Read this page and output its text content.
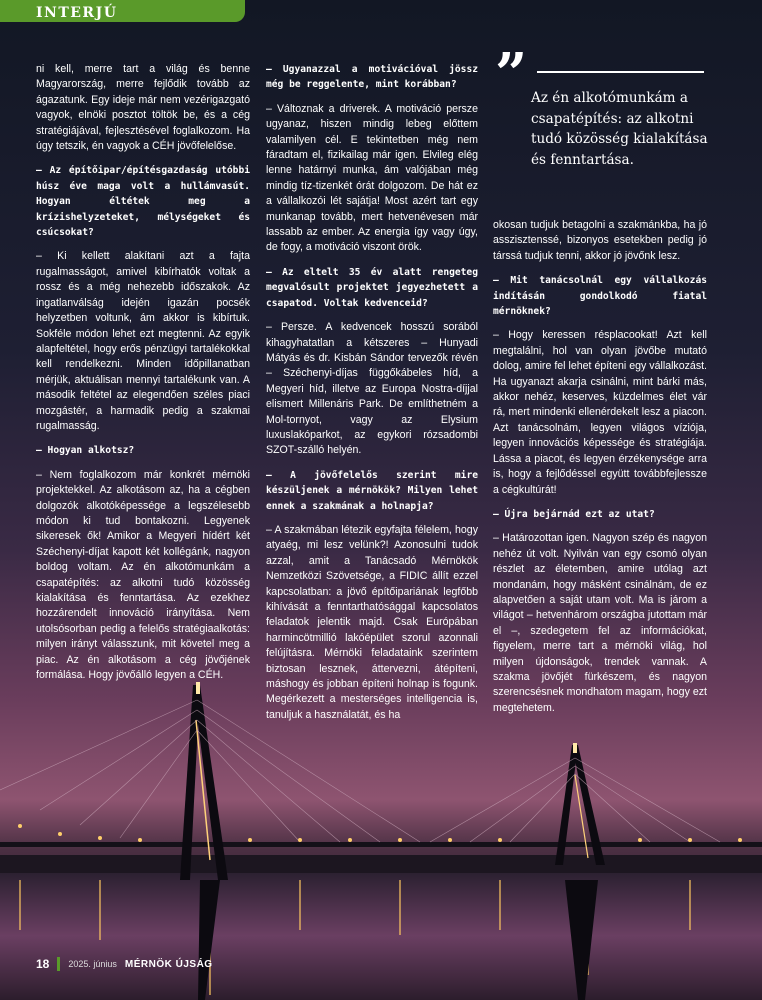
INTERJÚ

ni kell, merre tart a világ és benne Magyarország, merre fejlődik tovább az ágazatunk. Egy ideje már nem vezérigazgató vagyok, elnöki posztot töltök be, és a cég stratégiájával, fejlesztésével foglalkozom. Ha úgy tetszik, én vagyok a CÉH jövőfelelőse.

– Az építőipar/építésgazdaság utóbbi húsz éve maga volt a hullámvasút. Hogyan éltétek meg a krízishelyzeteket, mélységeket és csúcsokat?

– Ki kellett alakítani azt a fajta rugalmasságot, amivel kibírhatók voltak a rossz és a még nehezebb időszakok. Az ingatlanválság idején igazán pocsék helyzetben voltunk, ám akkor is kibírtuk. Sokféle módon lehet ezt megtenni. Az egyik alapfeltétel, hogy erős pénzügyi tartalékokkal kell rendelkezni. Minden időpillanatban mérjük, aktuálisan mennyi tartalékunk van. A második feltétel az elegendően széles piaci mozgástér, a harmadik pedig a szakmai rugalmasság.

– Hogyan alkotsz?

– Nem foglalkozom már konkrét mérnöki projektekkel. Az alkotásom az, ha a cégben dolgozók alkotóképessége a legszélesebb módon ki tud bontakozni. Legyenek sikeresek ők! Amikor a Megyeri hídért két Széchenyi-díjat kapott két kollégánk, nagyon boldog voltam. Az én alkotómunkám a csapatépítés: az alkotni tudó közösség kialakítása és fenntartása. Az ezekhez hozzárendelt innováció irányítása. Nem utolsósorban pedig a felelős stratégiaalkotás: milyen irányt válasszunk, mit követel meg a piac. Az én alkotásom a cég jövőjének formálása. Hogy jövőálló legyen a CÉH.

– Ugyanazzal a motivációval jössz még be reggelente, mint korábban?

– Változnak a driverek. A motiváció persze ugyanaz, hiszen mindig lebeg előttem valamilyen cél. E tekintetben még nem fáradtam el, fizikailag már igen. Elvileg elég lenne határnyi munka, ám valójában még mindig tíz-tizenkét órát dolgozom. De hát ez a vállalkozói lét sajátja! Most azért tart egy munkanap tovább, mert hetvenévesen már lassabb az ember. Az energia így vagy úgy, de fogy, a motiváció viszont örök.

– Az eltelt 35 év alatt rengeteg megvalósult projektet jegyezhetett a csapatod. Voltak kedvenceid?

– Persze. A kedvencek hosszú sorából kihagyhatatlan a kétszeres – Hunyadi Mátyás és dr. Kisbán Sándor tervezők révén – Széchenyi-díjas függőkábeles híd, a Megyeri híd, illetve az Europa Nostra-díjjal elismert Millenáris Park. De említhetném a Mol-tornyot, vagy az Elysium luxuslakóparkot, az egykori rózsadombi SZOT-szálló helyén.

– A jövőfelelős szerint mire készüljenek a mérnökök? Milyen lehet ennek a szakmának a holnapja?

– A szakmában létezik egyfajta félelem, hogy atyaég, mi lesz velünk?! Azonosulni tudok azzal, amit a Tanácsadó Mérnökök Nemzetközi Szövetsége, a FIDIC állít ezzel kapcsolatban: a jövő építőipariának legfőbb kihívását a fenntarthatósággal kapcsolatos feladatok jelentik majd. Csak Európában harmincötmillió lakóépület szorul azonnali felújításra. Mérnöki feladataink szerintem biztosan lesznek, áttervezni, átépíteni, máshogy és jobban építeni holnap is fogunk. Megérkezett a mesterséges intelligencia is, tanuljuk a használatát, és ha

” Az én alkotómunkám a csapatépítés: az alkotni tudó közösség kialakítása és fenntartása.

okosan tudjuk betagolni a szakmánkba, ha jó asszisztenssé, bizonyos esetekben pedig jó társsá tudjuk tenni, akkor jó jövőnk lesz.

– Mit tanácsolnál egy vállalkozás indításán gondolkodó fiatal mérnöknek?

– Hogy keressen résplacookat! Azt kell megtalálni, hol van olyan jövőbe mutató dolog, amire fel lehet építeni egy vállalkozást. Ha ugyanazt akarja csinálni, mint bárki más, akkor nehéz, keserves, küzdelmes élet vár rá, mert mindenki ellenérdekelt lesz a piacon. Azt tanácsolnám, legyen világos víziója, legyen innovációs képessége és stratégiája. Lássa a piacot, és legyen érzékenysége arra is, hogy a fejlődéssel együtt továbbfejlessze a cégkultúrát!

– Újra bejárnád ezt az utat?

– Határozottan igen. Nagyon szép és nagyon nehéz út volt. Nyilván van egy csomó olyan részlet az életemben, amire utólag azt mondanám, hogy másként csinálnám, de ez alapvetően a saját utam volt. Ma is járom a világot – hetvenhárom országba jutottam már el –, szedegetem fel az információkat, figyelem, merre tart a mérnöki világ, hol milyen újdonságok, trendek vannak. A szakma jövőjét fürkészem, és nagyon szerencsésnek mondhatom magam, hogy ezt megtehetem.

18 2025. június MÉRNÖK ÚJSÁG
